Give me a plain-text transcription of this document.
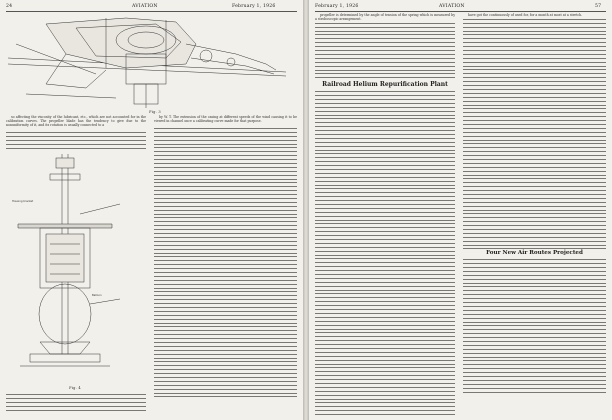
24	AVIATION	February 1, 1926
Fig. 3

so affecting the viscosity of the lubricant, etc., which are not accounted for in the calibration curves. The propeller blade has the tendency to give due to the nonuniformity of it, and its rotation is usually connected to a

by W. T. The extension of the casing at different speeds of the wind causing it to be viewed in channel once a calibrating curve made for that purpose.

Housing bracket
Balloon
Fig. 4
February 1, 1926	AVIATION	57

propeller is determined by the angle of tension of the spring which is measured by a stroboscopic arrangement.

Railroad Helium Repurification Plant

have got the continuously of used for, for a month at most at a stretch.

Four New Air Routes Projected
